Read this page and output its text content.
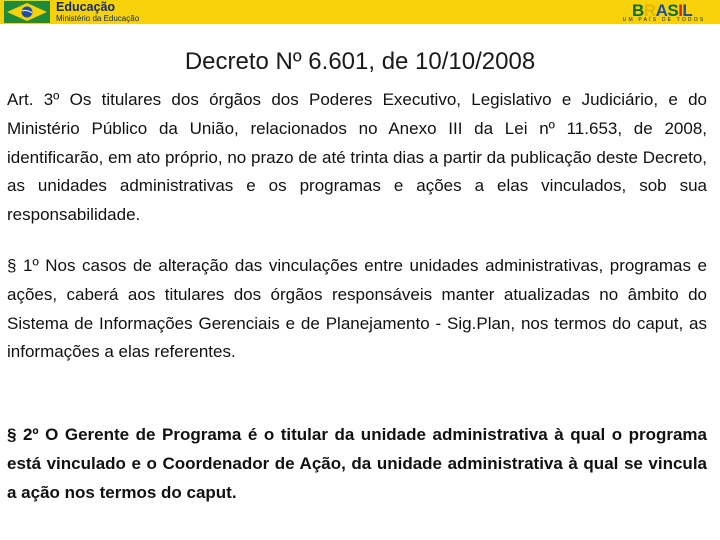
Educação
Ministério da Educação	BRASIL
UM PAÍS DE TODOS
Decreto Nº 6.601, de 10/10/2008

Art. 3º Os titulares dos órgãos dos Poderes Executivo, Legislativo e Judiciário, e do Ministério Público da União, relacionados no Anexo III da Lei nº 11.653, de 2008, identificarão, em ato próprio, no prazo de até trinta dias a partir da publicação deste Decreto, as unidades administrativas e os programas e ações a elas vinculados, sob sua responsabilidade.

§ 1º Nos casos de alteração das vinculações entre unidades administrativas, programas e ações, caberá aos titulares dos órgãos responsáveis manter atualizadas no âmbito do Sistema de Informações Gerenciais e de Planejamento - Sig.Plan, nos termos do caput, as informações a elas referentes.

§ 2º O Gerente de Programa é o titular da unidade administrativa à qual o programa está vinculado e o Coordenador de Ação, da unidade administrativa à qual se vincula a ação nos termos do caput.
